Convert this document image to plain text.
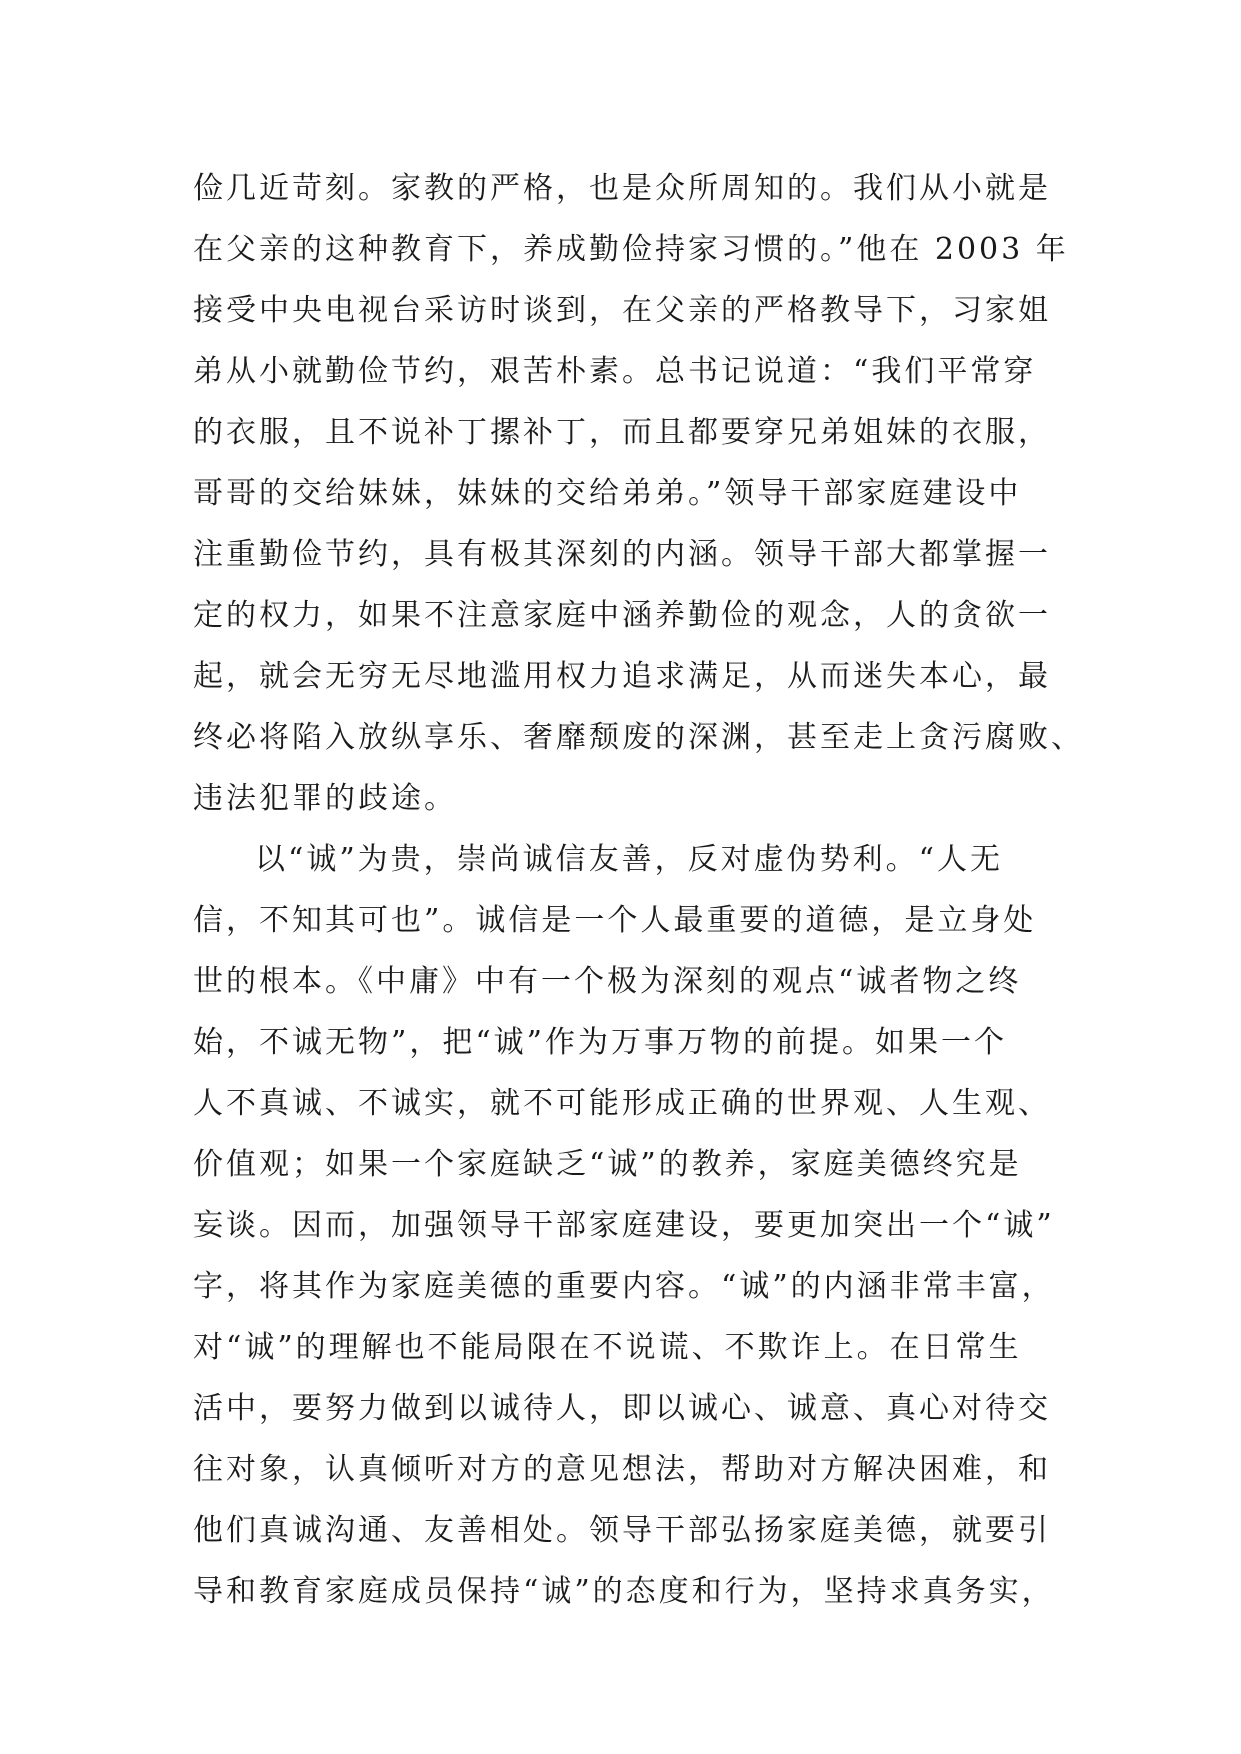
俭几近苛刻。家教的严格，也是众所周知的。我们从小就是
在父亲的这种教育下，养成勤俭持家习惯的。”他在 2003 年
接受中央电视台采访时谈到，在父亲的严格教导下，习家姐
弟从小就勤俭节约，艰苦朴素。总书记说道：“我们平常穿
的衣服，且不说补丁摞补丁，而且都要穿兄弟姐妹的衣服，
哥哥的交给妹妹，妹妹的交给弟弟。”领导干部家庭建设中
注重勤俭节约，具有极其深刻的内涵。领导干部大都掌握一
定的权力，如果不注意家庭中涵养勤俭的观念，人的贪欲一
起，就会无穷无尽地滥用权力追求满足，从而迷失本心，最
终必将陷入放纵享乐、奢靡颓废的深渊，甚至走上贪污腐败、
违法犯罪的歧途。
以“诚”为贵，崇尚诚信友善，反对虚伪势利。“人无
信，不知其可也”。诚信是一个人最重要的道德，是立身处
世的根本。《中庸》中有一个极为深刻的观点“诚者物之终
始，不诚无物”，把“诚”作为万事万物的前提。如果一个
人不真诚、不诚实，就不可能形成正确的世界观、人生观、
价值观；如果一个家庭缺乏“诚”的教养，家庭美德终究是
妄谈。因而，加强领导干部家庭建设，要更加突出一个“诚”
字，将其作为家庭美德的重要内容。“诚”的内涵非常丰富，
对“诚”的理解也不能局限在不说谎、不欺诈上。在日常生
活中，要努力做到以诚待人，即以诚心、诚意、真心对待交
往对象，认真倾听对方的意见想法，帮助对方解决困难，和
他们真诚沟通、友善相处。领导干部弘扬家庭美德，就要引
导和教育家庭成员保持“诚”的态度和行为，坚持求真务实，
